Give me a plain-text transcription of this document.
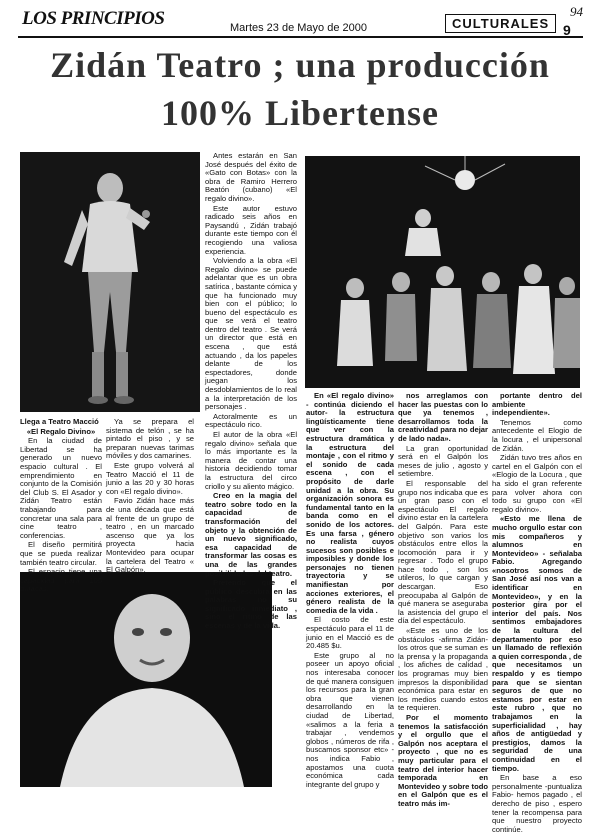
LOS PRINCIPIOS	Martes 23 de Mayo de 2000	CULTURALES 9
94
Zidán Teatro ; una producción
100% Libertense

Llega a Teatro Macció

«El Regalo Divino»

En la ciudad de Libertad se ha generado un nuevo espacio cultural . El emprendimiento en conjunto de la Comisión del Club S. El Asador y Zidán Teatro están trabajando para concretar una sala para cine teatro , conferencias.

El diseño permitirá que se pueda realizar también teatro circular.

El espacio tiene una capacidad para 105 butacas.

Ya se prepara el sistema de telón , se ha pintado el piso , y se preparan nuevas tarimas móviles y dos camarines.

Este grupo volverá al Teatro Macció el 11 de junio a las 20 y 30 horas con «El regalo divino».

Favio Zidán hace más de una década que está al frente de un grupo de teatro , en un marcado ascenso que ya los proyecta hacia Montevideo para ocupar la cartelera del Teatro « El Galpón».

Antes estarán en San José después del éxito de «Gato con Botas» con la obra de Ramiro Herrero Beatón (cubano) «El regalo divino».

Este autor estuvo radicado seis años en Paysandú , Zidán trabajó durante este tiempo con él recogiendo una valiosa experiencia.

Volviendo a la obra «El Regalo divino» se puede adelantar que es un obra satírica , bastante cómica y que ha funcionado muy bien con el público; lo bueno del espectáculo es que se verá el teatro dentro del teatro . Se verá un director que está en escena , que está actuando , da los papeles delante de los espectadores, donde juegan los desdoblamientos de lo real a la interpretación de los personajes .

Actoralmente es un espectáculo rico.

El autor de la obra «El regalo divino» señala que lo más importante es la manera de contar una historia decidiendo tomar la estructura del circo criollo y su aliento mágico.

Creo en la magia del teatro sobre todo en la capacidad de transformación del objeto y la obtención de un nuevo significado, esa capacidad de transformar las cosas es una de las grandes posibilidades del teatro.

Pretendo que el público descubra en las palabras no su significado inmediato , sino el ritmo de las escenas y de la vida.

En «El regalo divino» - continúa diciendo el autor- la estructura lingüísticamente tiene que ver con la estructura dramática y la estructura del montaje , con el ritmo y el sonido de cada escena , con el propósito de darle unidad a la obra. Su organización sonora es fundamental tanto en la banda como en el sonido de los actores. Es una farsa , género no realista cuyos sucesos son posibles e imposibles y donde los personajes no tienen trayectoria y se manifiestan por acciones exteriores, el género realista de la comedia de la vida .

El costo de este espectáculo para el 11 de junio en el Macció es de 20.485 $u.

Este grupo al no poseer un apoyo oficial nos interesaba conocer de qué manera consiguen los recursos para la gran obra que vienen desarrollando en la ciudad de Libertad, «salimos a la feria a trabajar , vendemos globos , números de rifa , buscamos sponsor etc» -nos indica Fabio , apostamos una cuota económica cada integrante del grupo y

nos arreglamos con hacer las puestas con lo que ya tenemos , desarrollamos toda la creatividad para no dejar de lado nada».

La gran oportunidad será en el Galpón los meses de julio , agosto y setiembre.

El responsable del grupo nos indicaba que es un gran paso con el espectáculo El regalo divino estar en la cartelera del Galpón. Para este objetivo son varios los obstáculos entre ellos la locomoción para ir y regresar . Todo el grupo hace todo , son los utileros, lo que cargan y descargan. Eso preocupaba al Galpón de qué manera se aseguraba la asistencia del grupo el día del espectáculo.

«Este es uno de los obstáculos -afirma Zidán- los otros que se suman es la prensa y la propaganda , los afiches de calidad , los programas muy bien impresos la disponibilidad económica para estar en los medios cuando estos te requieren.

Por el momento tenemos la satisfacción y el orgullo que el Galpón nos aceptara el proyecto , que no es muy particular para el teatro del interior hacer temporada en Montevideo y sobre todo en el Galpón que es el teatro más im-

portante dentro del ambiente independiente».

Tenemos como antecedente el Elogio de la locura , el unipersonal de Zidán.

Zidán tuvo tres años en cartel en el Galpón con el «Elogio de la Locura , que ha sido el gran referente para volver ahora con todo su grupo con «El regalo divino».

«Esto me llena de mucho orgullo estar con mis compañeros y alumnos en Montevideo» - señalaba Fabio. Agregando «nosotros somos de San José así nos van a identificar en Montevideo», y en la posterior gira por el interior del país. Nos sentimos embajadores de la cultura del departamento por eso un llamado de reflexión a quien corresponda , de que necesitamos un respaldo y es tiempo para que se sientan seguros de que no estamos por estar en este rubro , que no trabajamos en la superficialidad , hay años de antigüedad y prestigios, damos la seguridad de una continuidad en el tiempo.

En base a eso personalmente -puntualiza Fabio- hemos pagado , el derecho de piso , espero tener la recompensa para que nuestro proyecto continúe.
